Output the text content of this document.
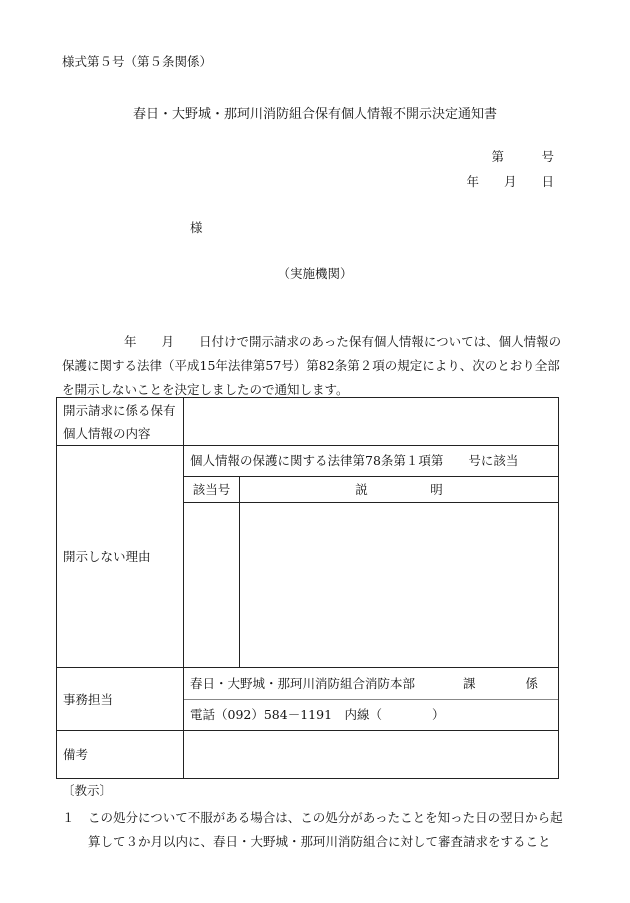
様式第５号（第５条関係）
春日・大野城・那珂川消防組合保有個人情報不開示決定通知書
第　　　号
年　　月　　日
様
（実施機関）

年　　月　　日付けで開示請求のあった保有個人情報については、個人情報の保護に関する法律（平成15年法律第57号）第82条第２項の規定により、次のとおり全部を開示しないことを決定しましたので通知します。

開示請求に係る保有個人情報の内容	
開示しない理由	個人情報の保護に関する法律第78条第１項第　　号に該当
該当号 説　　　　　明

事務担当	春日・大野城・那珂川消防組合消防本部 課　　　　係
電話（092）584－1191　内線（　　　　）

備考	
〔教示〕
１ この処分について不服がある場合は、この処分があったことを知った日の翌日から起算して３か月以内に、春日・大野城・那珂川消防組合に対して審査請求をすること
